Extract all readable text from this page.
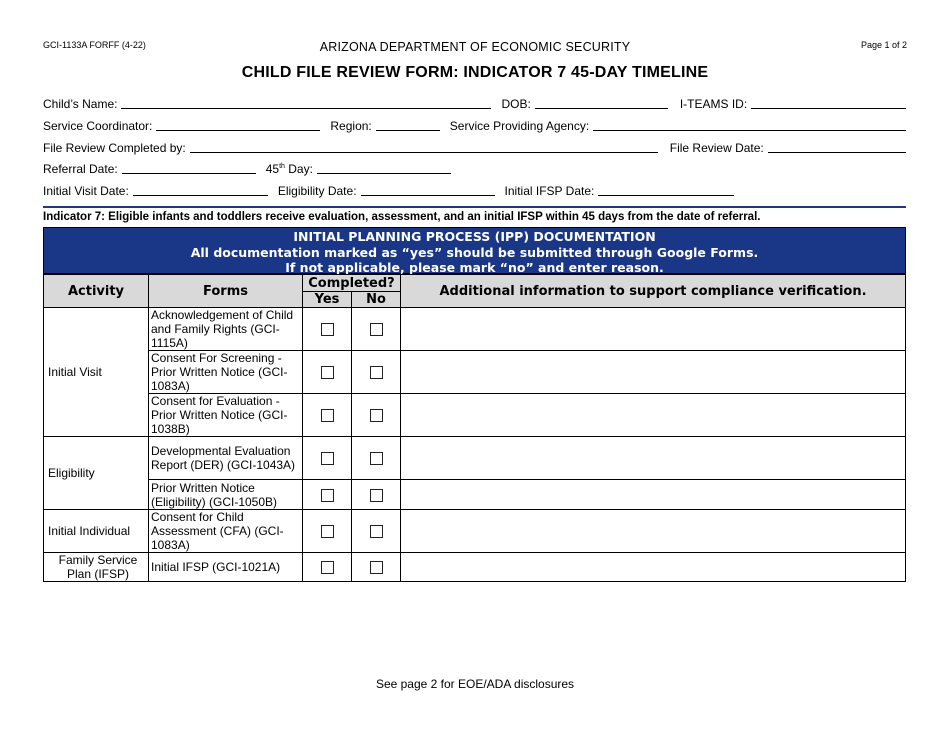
GCI-1133A FORFF (4-22)	ARIZONA DEPARTMENT OF ECONOMIC SECURITY	Page 1 of 2
CHILD FILE REVIEW FORM: INDICATOR 7 45-DAY TIMELINE
Child’s Name:	DOB:	I-TEAMS ID:
Service Coordinator:	Region:	Service Providing Agency:
File Review Completed by:	File Review Date:
Referral Date:	45th Day:
Initial Visit Date:	Eligibility Date:	Initial IFSP Date:
Indicator 7: Eligible infants and toddlers receive evaluation, assessment, and an initial IFSP within 45 days from the date of referral.
INITIAL PLANNING PROCESS (IPP) DOCUMENTATION
All documentation marked as “yes” should be submitted through Google Forms.
If not applicable, please mark “no” and enter reason.
Activity	Forms	Completed?		Additional information to support compliance verification.
		Yes	No	
Initial Visit	Acknowledgement of Child and Family Rights (GCI-1115A)			
	Consent For Screening - Prior Written Notice (GCI-1083A)			
	Consent for Evaluation - Prior Written Notice (GCI-1038B)			
Eligibility	Developmental Evaluation Report (DER) (GCI-1043A)			
	Prior Written Notice (Eligibility) (GCI-1050B)			
Initial Individual	Consent for Child Assessment (CFA) (GCI-1083A)			
Family Service Plan (IFSP)	Initial IFSP (GCI-1021A)			
See page 2 for EOE/ADA disclosures
